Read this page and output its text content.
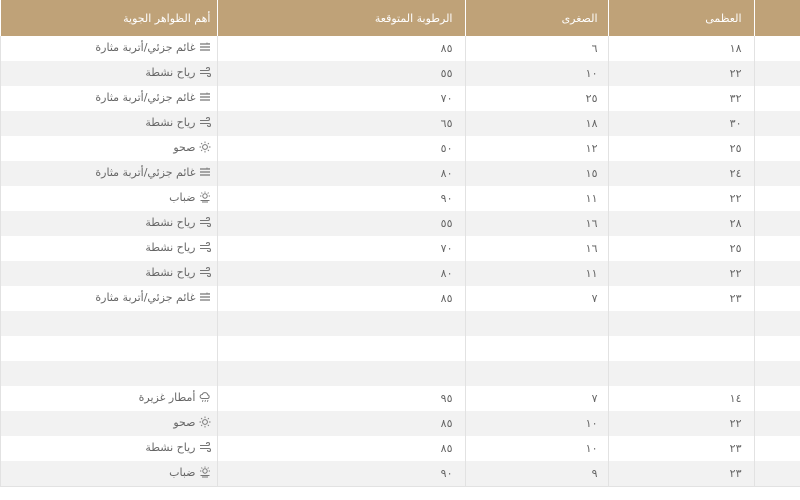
أهم الظواهر الجوية	الرطوبة المتوقعة	الصغرى	العظمى	

غائم جزئي/أتربة مثارة	٨٥	٦	١٨	

رياح نشطة	٥٥	١٠	٢٢	

غائم جزئي/أتربة مثارة	٧٠	٢٥	٣٢	

رياح نشطة	٦٥	١٨	٣٠	

صحو	٥٠	١٢	٢٥	

غائم جزئي/أتربة مثارة	٨٠	١٥	٢٤	

ضباب	٩٠	١١	٢٢	

رياح نشطة	٥٥	١٦	٢٨	

رياح نشطة	٧٠	١٦	٢٥	

رياح نشطة	٨٠	١١	٢٢	

غائم جزئي/أتربة مثارة	٨٥	٧	٢٣	

أمطار غزيرة	٩٥	٧	١٤	

صحو	٨٥	١٠	٢٢	

رياح نشطة	٨٥	١٠	٢٣	

ضباب	٩٠	٩	٢٣	
